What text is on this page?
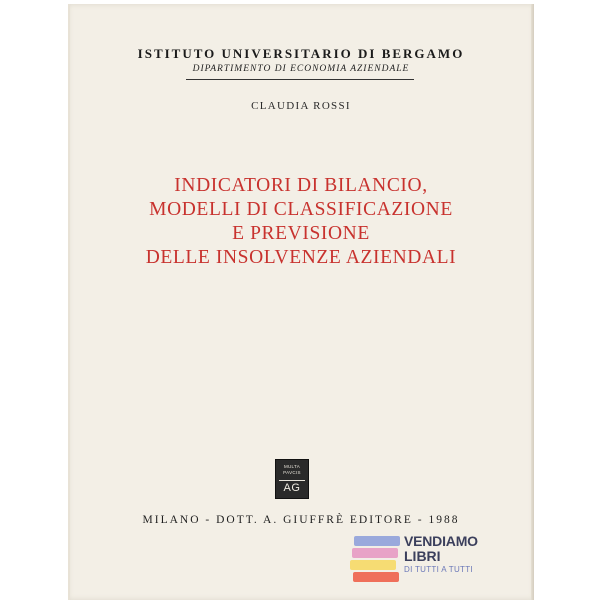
ISTITUTO UNIVERSITARIO DI BERGAMO
DIPARTIMENTO DI ECONOMIA AZIENDALE
CLAUDIA ROSSI
INDICATORI DI BILANCIO,
MODELLI DI CLASSIFICAZIONE
E PREVISIONE
DELLE INSOLVENZE AZIENDALI
MULTA
PAVCIS
AG
MILANO - DOTT. A. GIUFFRÈ EDITORE - 1988
VENDIAMO
LIBRI
DI TUTTI A TUTTI
